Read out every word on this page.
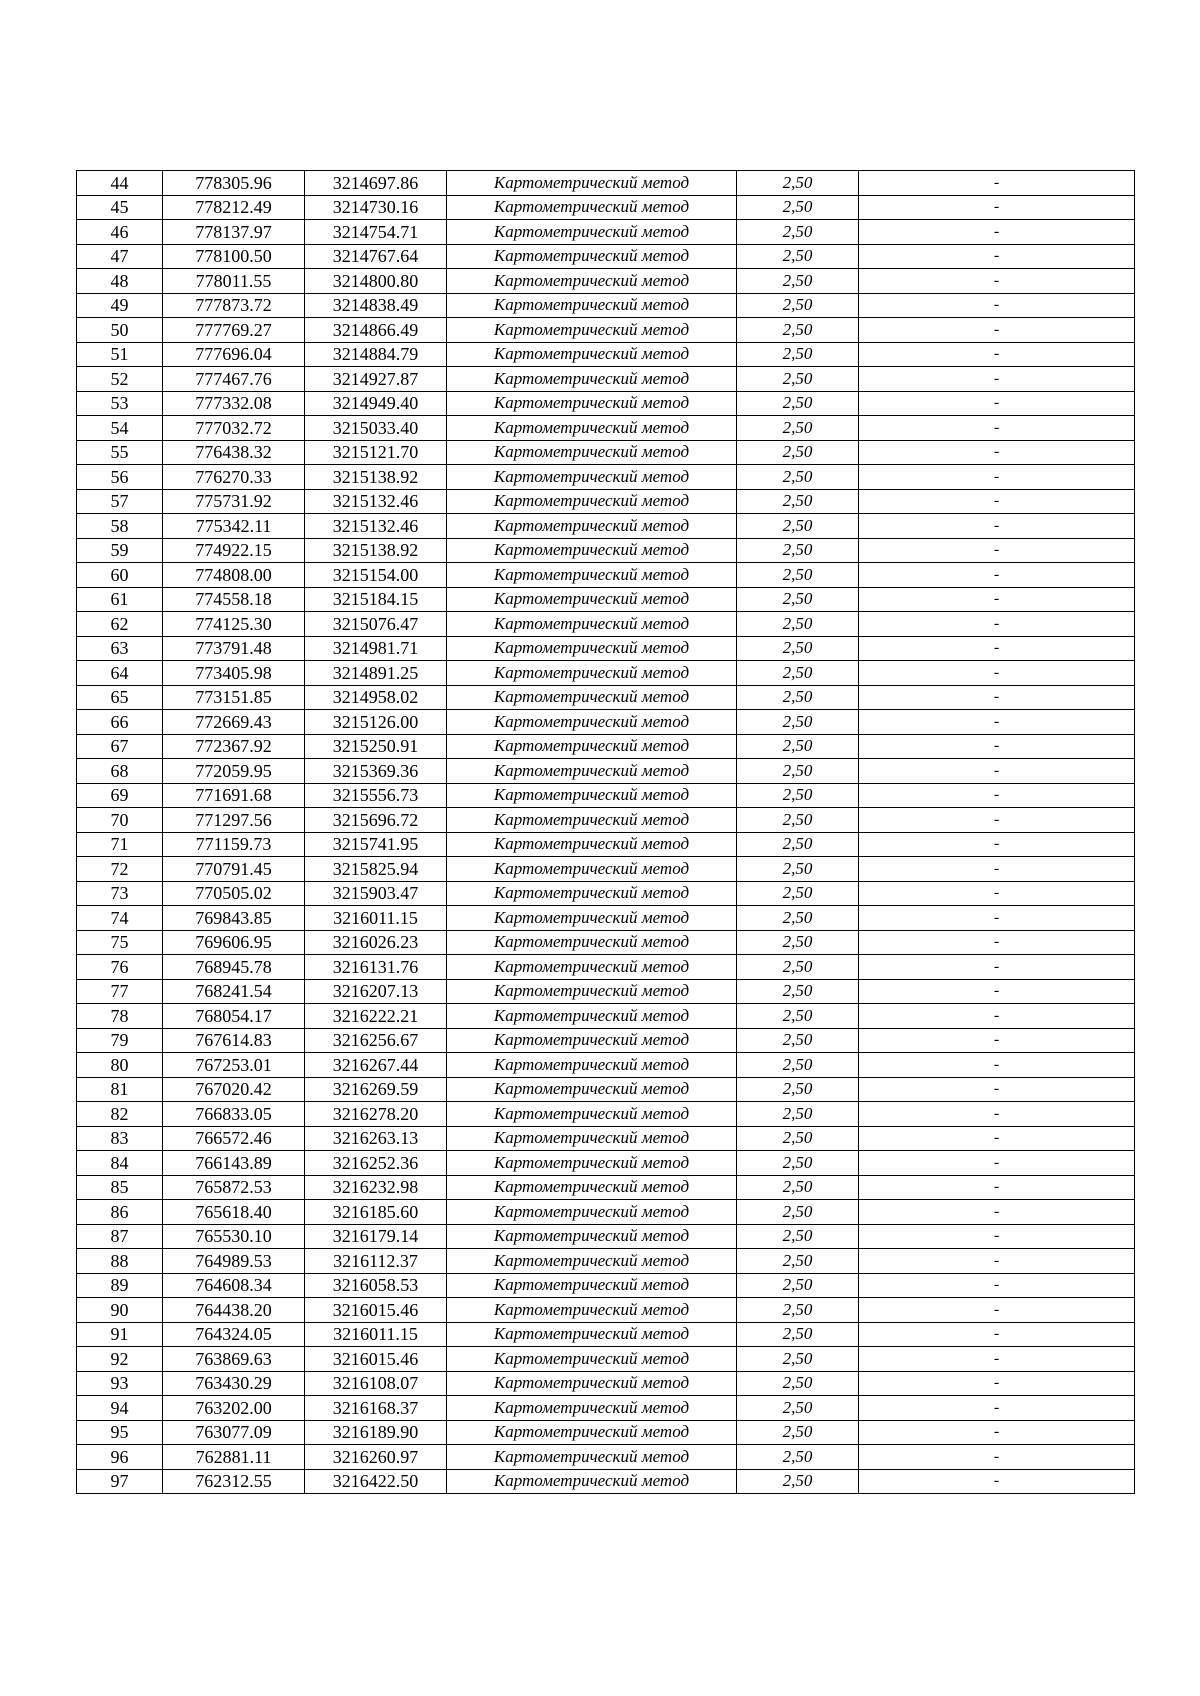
44	778305.96	3214697.86	Картометрический метод	2,50	-
45	778212.49	3214730.16	Картометрический метод	2,50	-
46	778137.97	3214754.71	Картометрический метод	2,50	-
47	778100.50	3214767.64	Картометрический метод	2,50	-
48	778011.55	3214800.80	Картометрический метод	2,50	-
49	777873.72	3214838.49	Картометрический метод	2,50	-
50	777769.27	3214866.49	Картометрический метод	2,50	-
51	777696.04	3214884.79	Картометрический метод	2,50	-
52	777467.76	3214927.87	Картометрический метод	2,50	-
53	777332.08	3214949.40	Картометрический метод	2,50	-
54	777032.72	3215033.40	Картометрический метод	2,50	-
55	776438.32	3215121.70	Картометрический метод	2,50	-
56	776270.33	3215138.92	Картометрический метод	2,50	-
57	775731.92	3215132.46	Картометрический метод	2,50	-
58	775342.11	3215132.46	Картометрический метод	2,50	-
59	774922.15	3215138.92	Картометрический метод	2,50	-
60	774808.00	3215154.00	Картометрический метод	2,50	-
61	774558.18	3215184.15	Картометрический метод	2,50	-
62	774125.30	3215076.47	Картометрический метод	2,50	-
63	773791.48	3214981.71	Картометрический метод	2,50	-
64	773405.98	3214891.25	Картометрический метод	2,50	-
65	773151.85	3214958.02	Картометрический метод	2,50	-
66	772669.43	3215126.00	Картометрический метод	2,50	-
67	772367.92	3215250.91	Картометрический метод	2,50	-
68	772059.95	3215369.36	Картометрический метод	2,50	-
69	771691.68	3215556.73	Картометрический метод	2,50	-
70	771297.56	3215696.72	Картометрический метод	2,50	-
71	771159.73	3215741.95	Картометрический метод	2,50	-
72	770791.45	3215825.94	Картометрический метод	2,50	-
73	770505.02	3215903.47	Картометрический метод	2,50	-
74	769843.85	3216011.15	Картометрический метод	2,50	-
75	769606.95	3216026.23	Картометрический метод	2,50	-
76	768945.78	3216131.76	Картометрический метод	2,50	-
77	768241.54	3216207.13	Картометрический метод	2,50	-
78	768054.17	3216222.21	Картометрический метод	2,50	-
79	767614.83	3216256.67	Картометрический метод	2,50	-
80	767253.01	3216267.44	Картометрический метод	2,50	-
81	767020.42	3216269.59	Картометрический метод	2,50	-
82	766833.05	3216278.20	Картометрический метод	2,50	-
83	766572.46	3216263.13	Картометрический метод	2,50	-
84	766143.89	3216252.36	Картометрический метод	2,50	-
85	765872.53	3216232.98	Картометрический метод	2,50	-
86	765618.40	3216185.60	Картометрический метод	2,50	-
87	765530.10	3216179.14	Картометрический метод	2,50	-
88	764989.53	3216112.37	Картометрический метод	2,50	-
89	764608.34	3216058.53	Картометрический метод	2,50	-
90	764438.20	3216015.46	Картометрический метод	2,50	-
91	764324.05	3216011.15	Картометрический метод	2,50	-
92	763869.63	3216015.46	Картометрический метод	2,50	-
93	763430.29	3216108.07	Картометрический метод	2,50	-
94	763202.00	3216168.37	Картометрический метод	2,50	-
95	763077.09	3216189.90	Картометрический метод	2,50	-
96	762881.11	3216260.97	Картометрический метод	2,50	-
97	762312.55	3216422.50	Картометрический метод	2,50	-
